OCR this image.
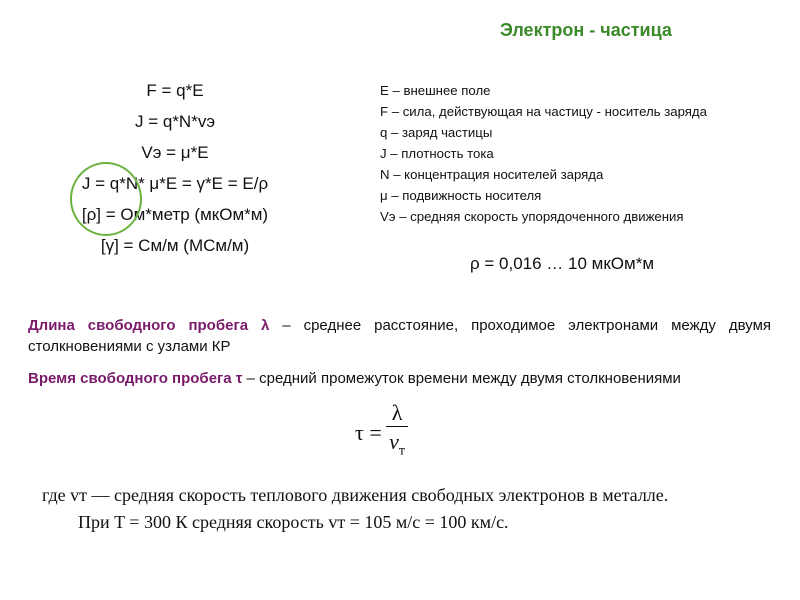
Электрон - частица
F = q*E
J = q*N*vэ
Vэ = μ*E
J = q*N* μ*E = γ*E = E/ρ
[ρ] = Ом*метр (мкОм*м)
[γ] = См/м (МСм/м)
E – внешнее поле
F – сила, действующая на частицу - носитель заряда
q – заряд частицы
J – плотность тока
N – концентрация носителей заряда
μ – подвижность носителя
Vэ – средняя скорость упорядоченного движения
ρ = 0,016 … 10 мкОм*м
Длина свободного пробега λ – среднее расстояние, проходимое электронами между двумя столкновениями с узлами КР
Время свободного пробега τ – средний промежуток времени между двумя столкновениями
$\tau = \frac{\lambda}{v_т}$
где vт — средняя скорость теплового движения свободных электронов в металле.
При T = 300 К средняя скорость vт = 105 м/с = 100 км/с.
